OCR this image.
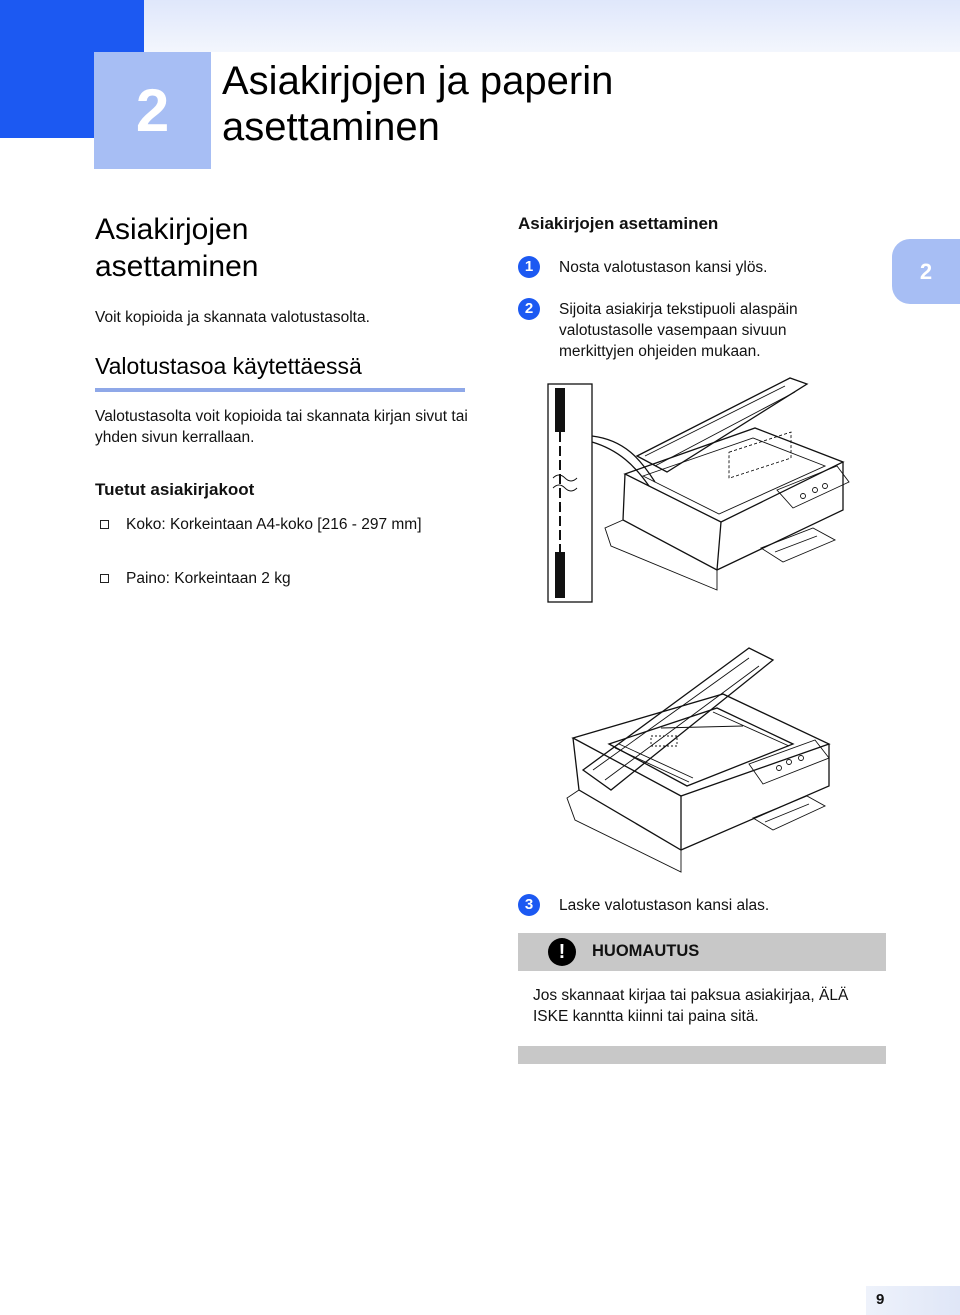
2 Asiakirjojen ja paperin
asettaminen
2
Asiakirjojen
asettaminen
Voit kopioida ja skannata valotustasolta.
Valotustasoa käytettäessä
Valotustasolta voit kopioida tai skannata kirjan sivut tai yhden sivun kerrallaan.
Tuetut asiakirjakoot
Koko: Korkeintaan A4-koko [216 - 297 mm]
Paino: Korkeintaan 2 kg
Asiakirjojen asettaminen
1	Nosta valotustason kansi ylös.
2	Sijoita asiakirja tekstipuoli alaspäin valotustasolle vasempaan sivuun merkittyjen ohjeiden mukaan.
3	Laske valotustason kansi alas.
!	HUOMAUTUS
Jos skannaat kirjaa tai paksua asiakirjaa, ÄLÄ ISKE kanntta kiinni tai paina sitä.
9
